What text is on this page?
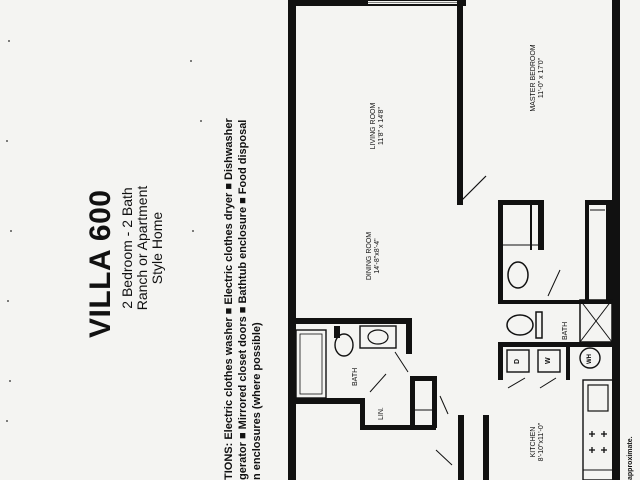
VILLA 600 2 Bedroom - 2 Bath Ranch or Apartment Style Home
TIONS: Electric clothes washer ■ Electric clothes dryer ■ Dishwasher gerator ■ Mirrored closet doors ■ Bathtub enclosure ■ Food disposal n enclosures (where possible)	approximate.
LIVING ROOM 11'8" x 14'8"
DINING ROOM 14'-8"x8'-4"
MASTER BEDROOM 11'-0" x 17'0"
KITCHEN 8'-10"x11'-0"
BATH
BATH
LIN.
D	W	WH
